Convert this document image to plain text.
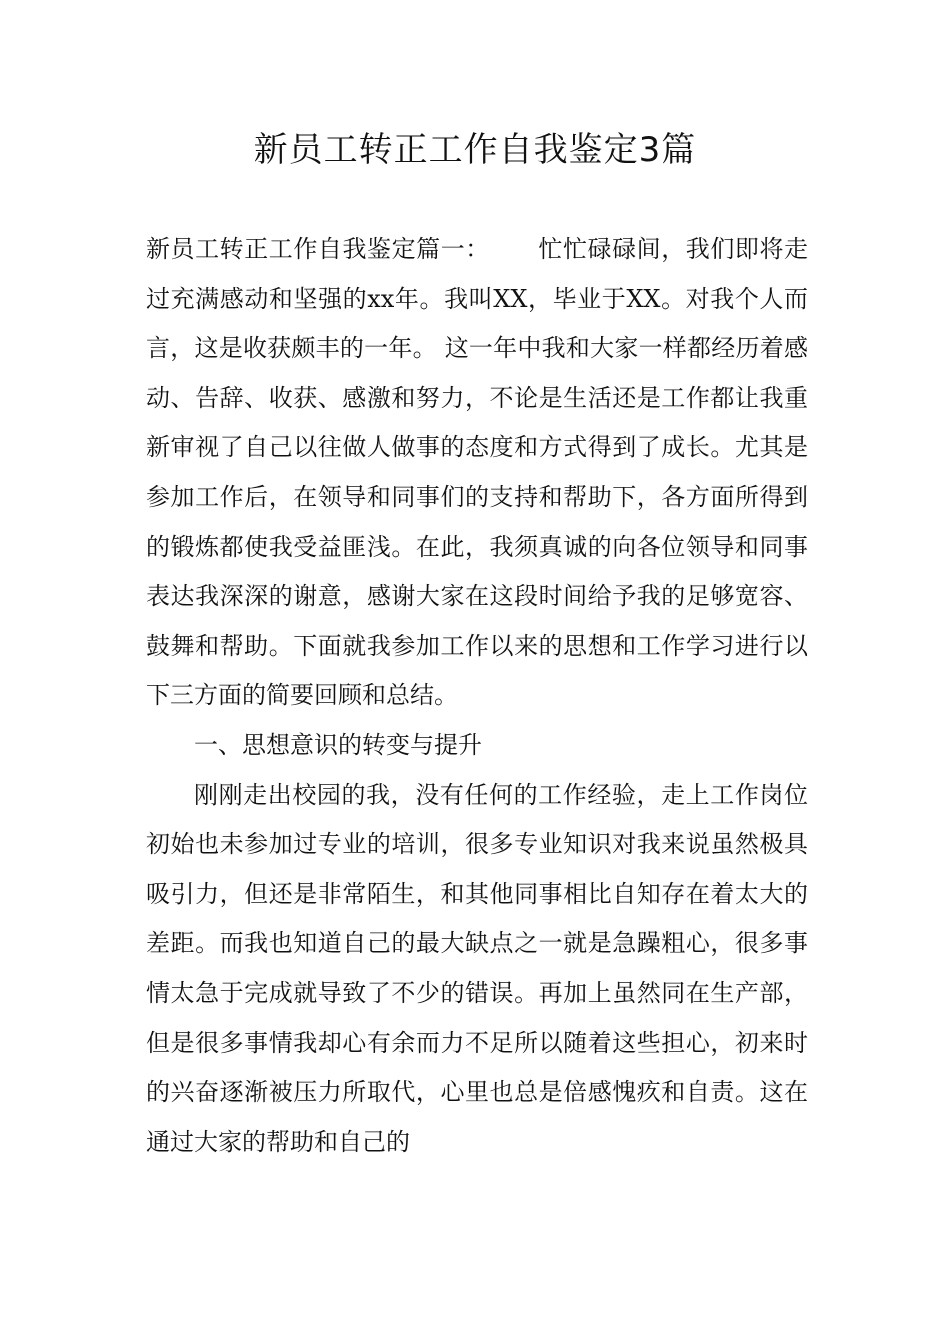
新员工转正工作自我鉴定3篇

新员工转正工作自我鉴定篇一： 忙忙碌碌间，我们即将走过充满感动和坚强的xx年。我叫XX，毕业于XX。对我个人而言，这是收获颇丰的一年。 这一年中我和大家一样都经历着感动、告辞、收获、感激和努力，不论是生活还是工作都让我重新审视了自己以往做人做事的态度和方式得到了成长。尤其是参加工作后，在领导和同事们的支持和帮助下，各方面所得到的锻炼都使我受益匪浅。在此，我须真诚的向各位领导和同事表达我深深的谢意，感谢大家在这段时间给予我的足够宽容、鼓舞和帮助。下面就我参加工作以来的思想和工作学习进行以下三方面的简要回顾和总结。

一、思想意识的转变与提升

刚刚走出校园的我，没有任何的工作经验，走上工作岗位初始也未参加过专业的培训，很多专业知识对我来说虽然极具吸引力，但还是非常陌生，和其他同事相比自知存在着太大的差距。而我也知道自己的最大缺点之一就是急躁粗心，很多事情太急于完成就导致了不少的错误。再加上虽然同在生产部，但是很多事情我却心有余而力不足所以随着这些担心，初来时的兴奋逐渐被压力所取代，心里也总是倍感愧疚和自责。这在通过大家的帮助和自己的
